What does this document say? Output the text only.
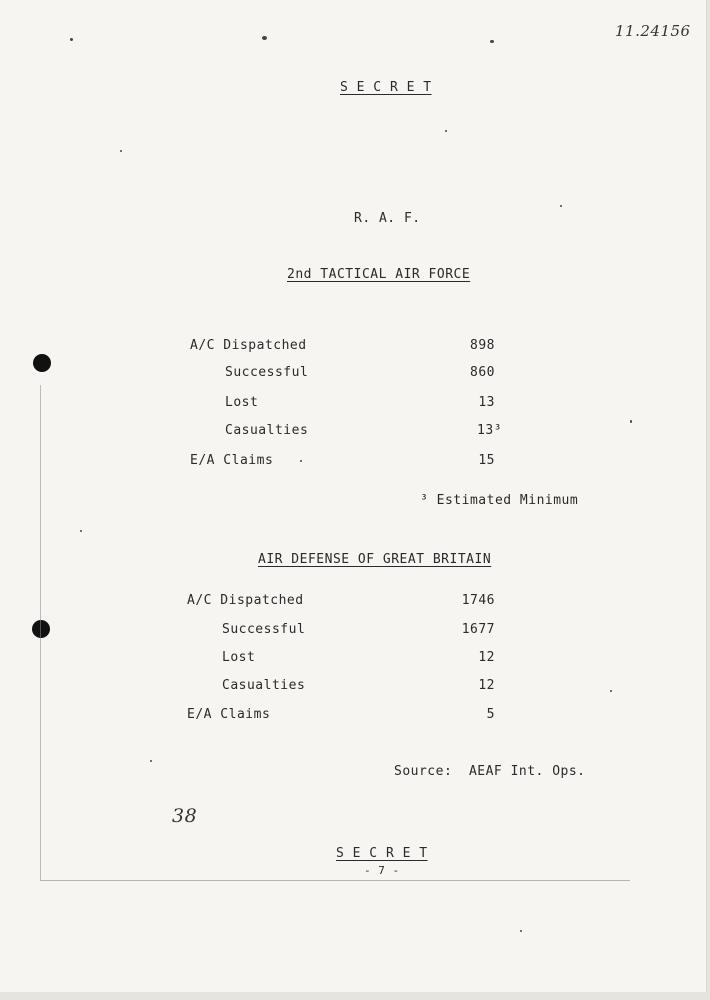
11.24156
S E C R E T
R. A. F.
2nd TACTICAL AIR FORCE
A/C Dispatched	898
Successful	860
Lost	13
Casualties	13³
E/A Claims	15
³ Estimated Minimum
AIR DEFENSE OF GREAT BRITAIN
A/C Dispatched	1746
Successful	1677
Lost	12
Casualties	12
E/A Claims	5
Source:  AEAF Int. Ops.
38
S E C R E T
- 7 -
